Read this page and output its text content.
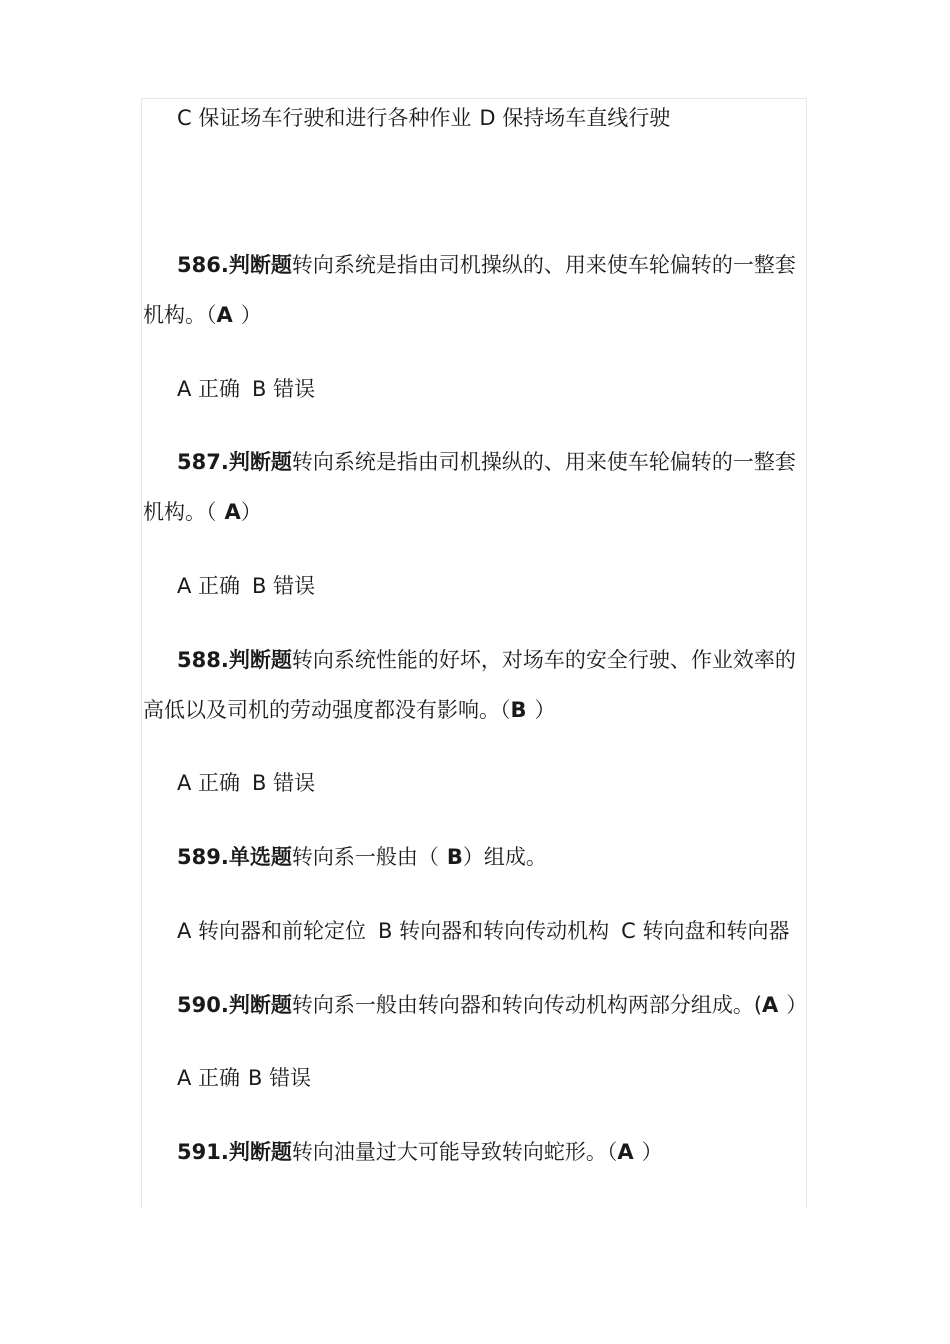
C 保证场车行驶和进行各种作业 D 保持场车直线行驶
586.判断题转向系统是指由司机操纵的、用来使车轮偏转的一整套
机构。（A ）
A 正确 B 错误
587.判断题转向系统是指由司机操纵的、用来使车轮偏转的一整套
机构。（ A）
A 正确 B 错误
588.判断题转向系统性能的好坏，对场车的安全行驶、作业效率的
高低以及司机的劳动强度都没有影响。（B ）
A 正确 B 错误
589.单选题转向系一般由（ B）组成。
A 转向器和前轮定位 B 转向器和转向传动机构 C 转向盘和转向器
590.判断题转向系一般由转向器和转向传动机构两部分组成。(A ）
A 正确 B 错误
591.判断题转向油量过大可能导致转向蛇形。（A ）
